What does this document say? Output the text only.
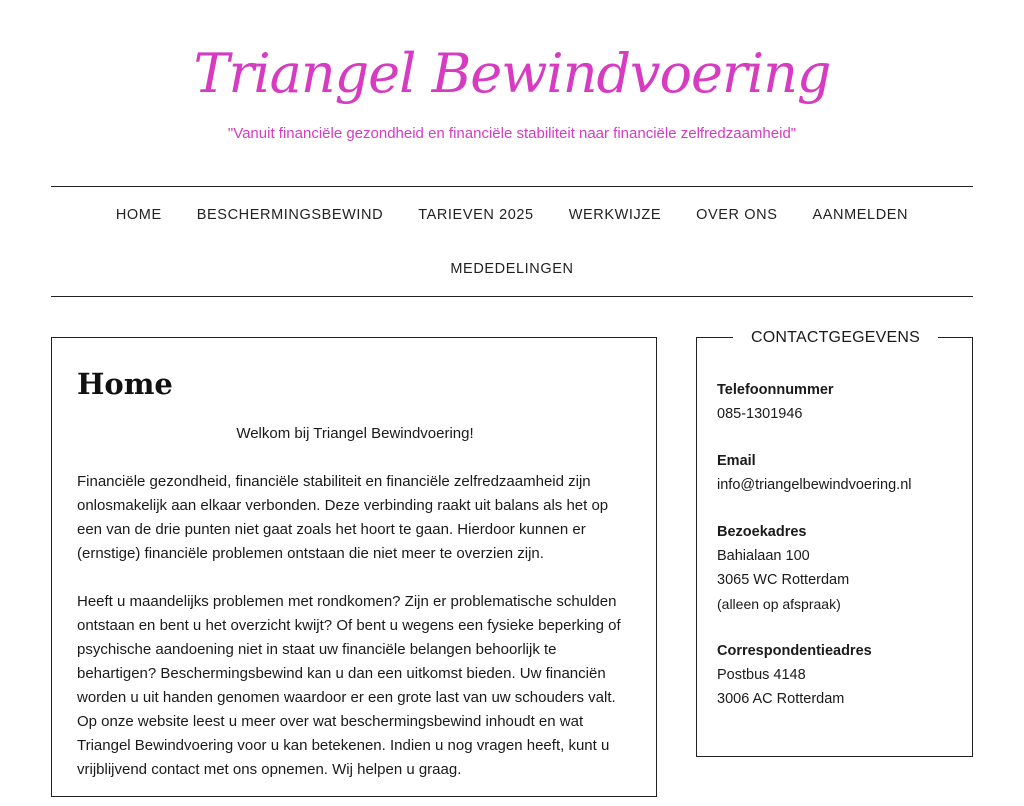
Triangel Bewindvoering

"Vanuit financiële gezondheid en financiële stabiliteit naar financiële zelfredzaamheid"

HOME BESCHERMINGSBEWIND TARIEVEN 2025 WERKWIJZE OVER ONS AANMELDEN
MEDEDELINGEN
Home

Welkom bij Triangel Bewindvoering!

Financiële gezondheid, financiële stabiliteit en financiële zelfredzaamheid zijn onlosmakelijk aan elkaar verbonden. Deze verbinding raakt uit balans als het op een van de drie punten niet gaat zoals het hoort te gaan. Hierdoor kunnen er (ernstige) financiële problemen ontstaan die niet meer te overzien zijn.

Heeft u maandelijks problemen met rondkomen? Zijn er problematische schulden ontstaan en bent u het overzicht kwijt? Of bent u wegens een fysieke beperking of psychische aandoening niet in staat uw financiële belangen behoorlijk te behartigen? Beschermingsbewind kan u dan een uitkomst bieden. Uw financiën worden u uit handen genomen waardoor er een grote last van uw schouders valt. Op onze website leest u meer over wat beschermingsbewind inhoudt en wat Triangel Bewindvoering voor u kan betekenen. Indien u nog vragen heeft, kunt u vrijblijvend contact met ons opnemen. Wij helpen u graag.

CONTACTGEGEVENS
Telefoonnummer
085-1301946
Email
info@triangelbewindvoering.nl
Bezoekadres
Bahialaan 100
3065 WC Rotterdam
(alleen op afspraak)
Correspondentieadres
Postbus 4148
3006 AC Rotterdam
